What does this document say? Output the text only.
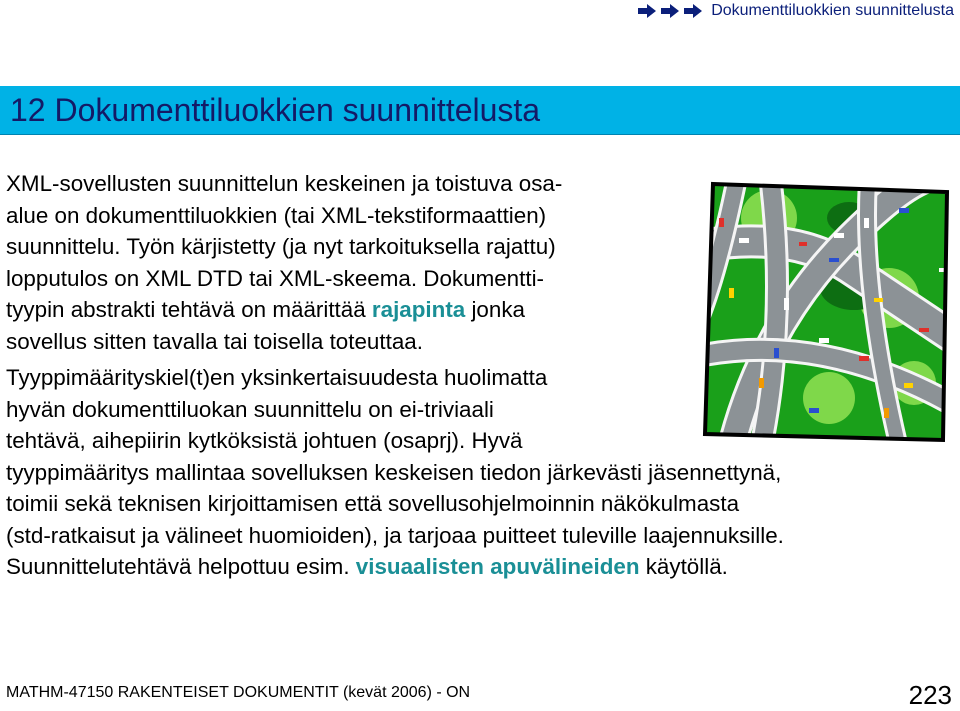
Dokumenttiluokkien suunnittelusta
12 Dokumenttiluokkien suunnittelusta

XML-sovellusten suunnittelun keskeinen ja toistuva osa-
alue on dokumenttiluokkien (tai XML-tekstiformaattien)
suunnittelu. Työn kärjistetty (ja nyt tarkoituksella rajattu)
lopputulos on XML DTD tai XML-skeema. Dokumentti-
tyypin abstrakti tehtävä on määrittää rajapinta jonka
sovellus sitten tavalla tai toisella toteuttaa.

Tyyppimäärityskiel(t)en yksinkertaisuudesta huolimatta
hyvän dokumenttiluokan suunnittelu on ei-triviaali
tehtävä, aihepiirin kytköksistä johtuen (osaprj). Hyvä
tyyppimääritys mallintaa sovelluksen keskeisen tiedon järkevästi jäsennettynä,
toimii sekä teknisen kirjoittamisen että sovellusohjelmoinnin näkökulmasta
(std-ratkaisut ja välineet huomioiden), ja tarjoaa puitteet tuleville laajennuksille.
Suunnittelutehtävä helpottuu esim. visuaalisten apuvälineiden käytöllä.

MATHM-47150 RAKENTEISET DOKUMENTIT (kevät 2006) - ON	223
